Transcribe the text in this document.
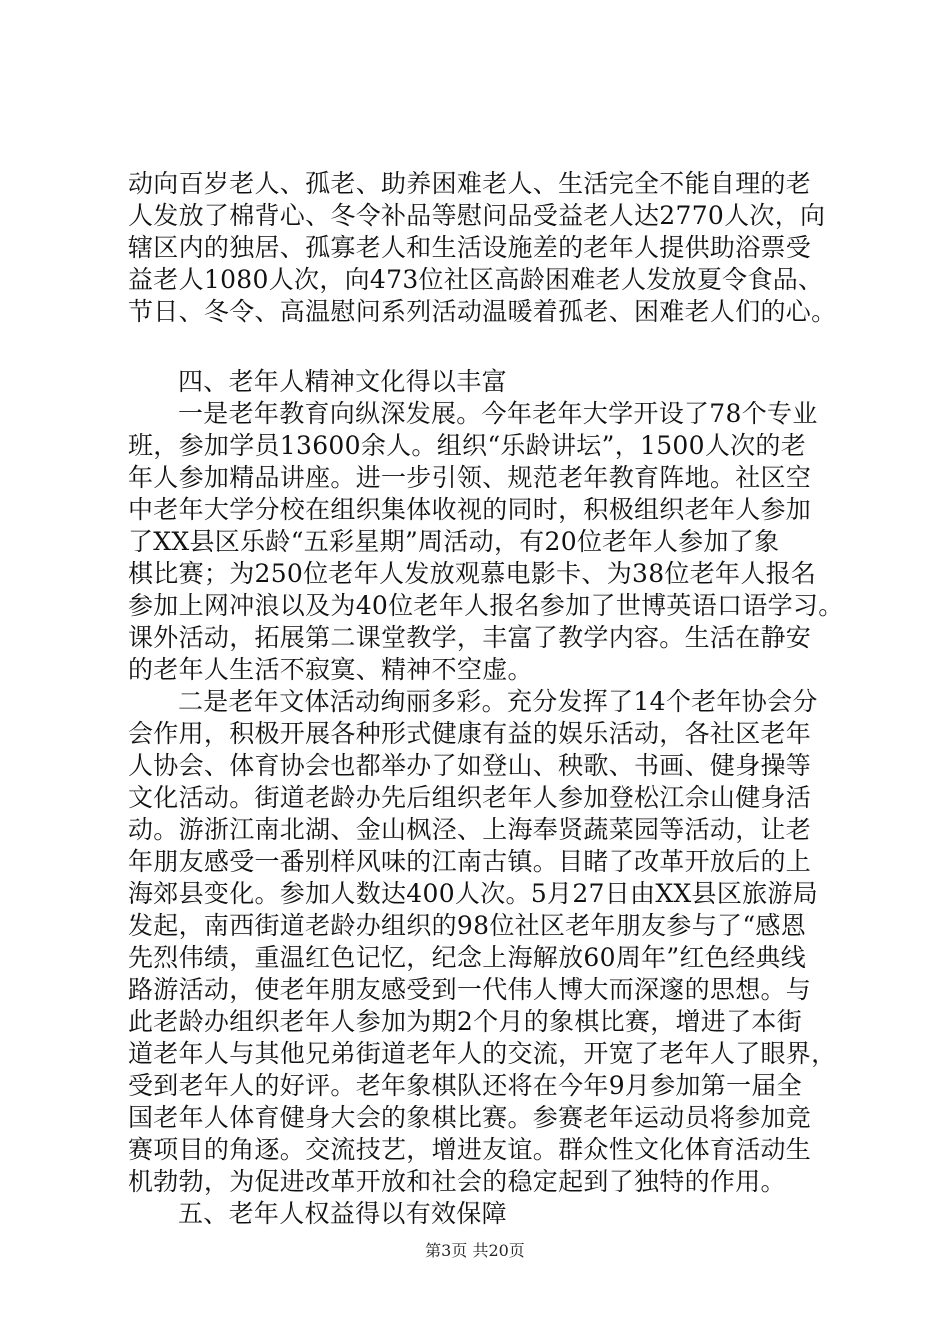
动向百岁老人、孤老、助养困难老人、生活完全不能自理的老
人发放了棉背心、冬令补品等慰问品受益老人达2770人次，向
辖区内的独居、孤寡老人和生活设施差的老年人提供助浴票受
益老人1080人次，向473位社区高龄困难老人发放夏令食品、
节日、冬令、高温慰问系列活动温暖着孤老、困难老人们的心。
四、老年人精神文化得以丰富
一是老年教育向纵深发展。今年老年大学开设了78个专业
班，参加学员13600余人。组织“乐龄讲坛”，1500人次的老
年人参加精品讲座。进一步引领、规范老年教育阵地。社区空
中老年大学分校在组织集体收视的同时，积极组织老年人参加
了XX县区乐龄“五彩星期”周活动，有20位老年人参加了象
棋比赛；为250位老年人发放观慕电影卡、为38位老年人报名
参加上网冲浪以及为40位老年人报名参加了世博英语口语学习。
课外活动，拓展第二课堂教学，丰富了教学内容。生活在静安
的老年人生活不寂寞、精神不空虚。
二是老年文体活动绚丽多彩。充分发挥了14个老年协会分
会作用，积极开展各种形式健康有益的娱乐活动，各社区老年
人协会、体育协会也都举办了如登山、秧歌、书画、健身操等
文化活动。街道老龄办先后组织老年人参加登松江佘山健身活
动。游浙江南北湖、金山枫泾、上海奉贤蔬菜园等活动，让老
年朋友感受一番别样风味的江南古镇。目睹了改革开放后的上
海郊县变化。参加人数达400人次。5月27日由XX县区旅游局
发起，南西街道老龄办组织的98位社区老年朋友参与了“感恩
先烈伟绩，重温红色记忆，纪念上海解放60周年”红色经典线
路游活动，使老年朋友感受到一代伟人博大而深邃的思想。与
此老龄办组织老年人参加为期2个月的象棋比赛，增进了本街
道老年人与其他兄弟街道老年人的交流，开宽了老年人了眼界，
受到老年人的好评。老年象棋队还将在今年9月参加第一届全
国老年人体育健身大会的象棋比赛。参赛老年运动员将参加竞
赛项目的角逐。交流技艺，增进友谊。群众性文化体育活动生
机勃勃，为促进改革开放和社会的稳定起到了独特的作用。
五、老年人权益得以有效保障
第3页 共20页
